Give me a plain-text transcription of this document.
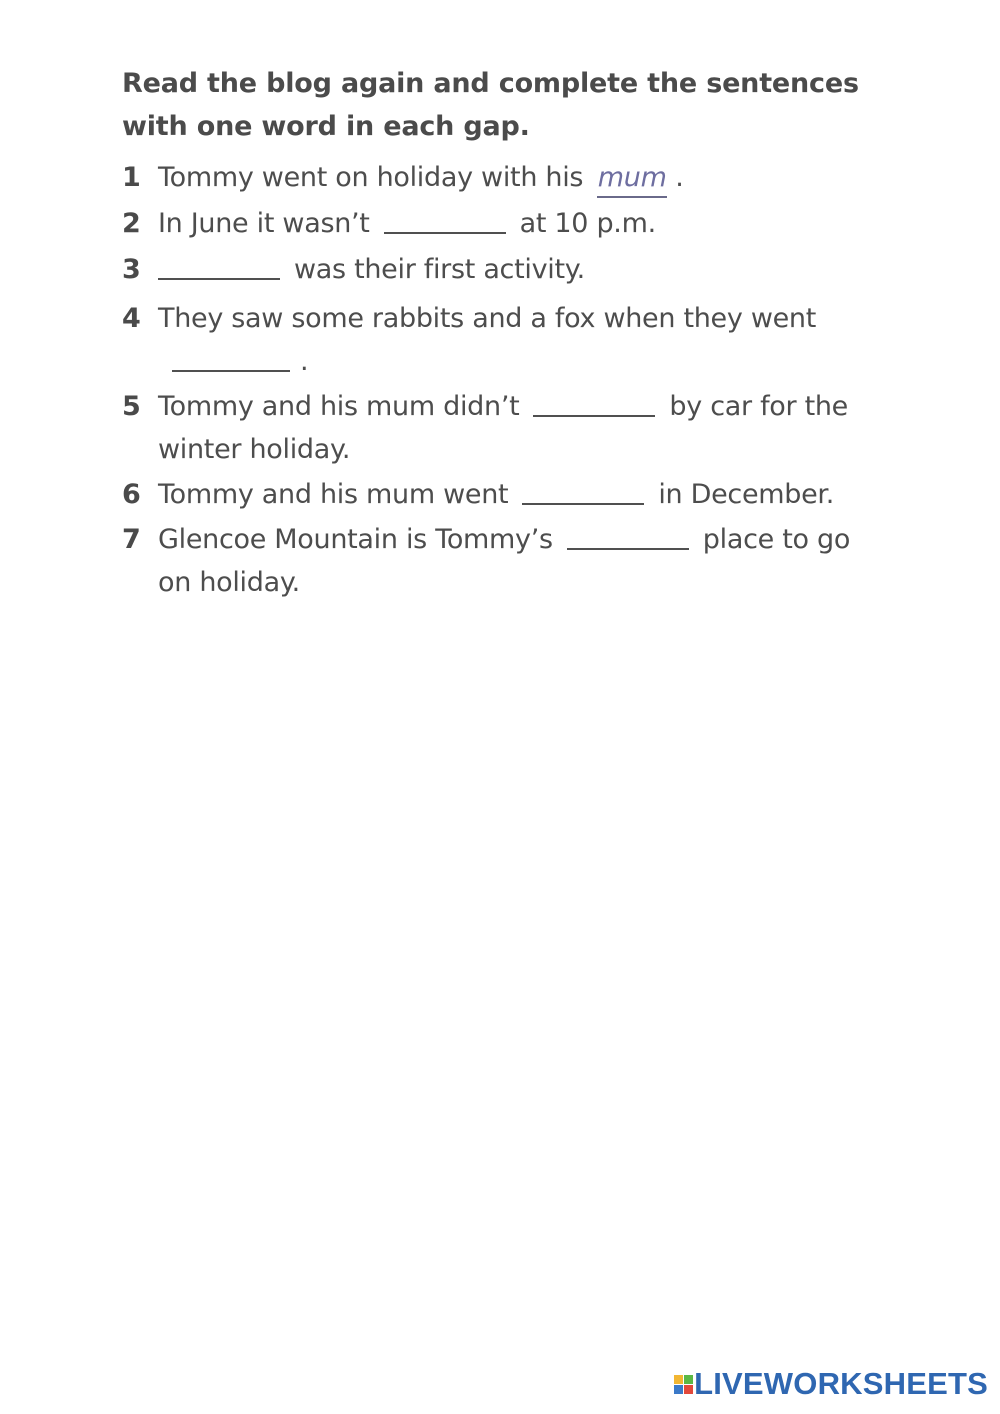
Read the blog again and complete the sentences with one word in each gap.
1 Tommy went on holiday with his mum .

2 In June it wasn’t	at 10 p.m.

3	was their first activity.

4 They saw some rabbits and a fox when they went.

5 Tommy and his mum didn’t	by car for the winter holiday.

6 Tommy and his mum went	in December.

7 Glencoe Mountain is Tommy’s	place to go on holiday.

LIVEWORKSHEETS
